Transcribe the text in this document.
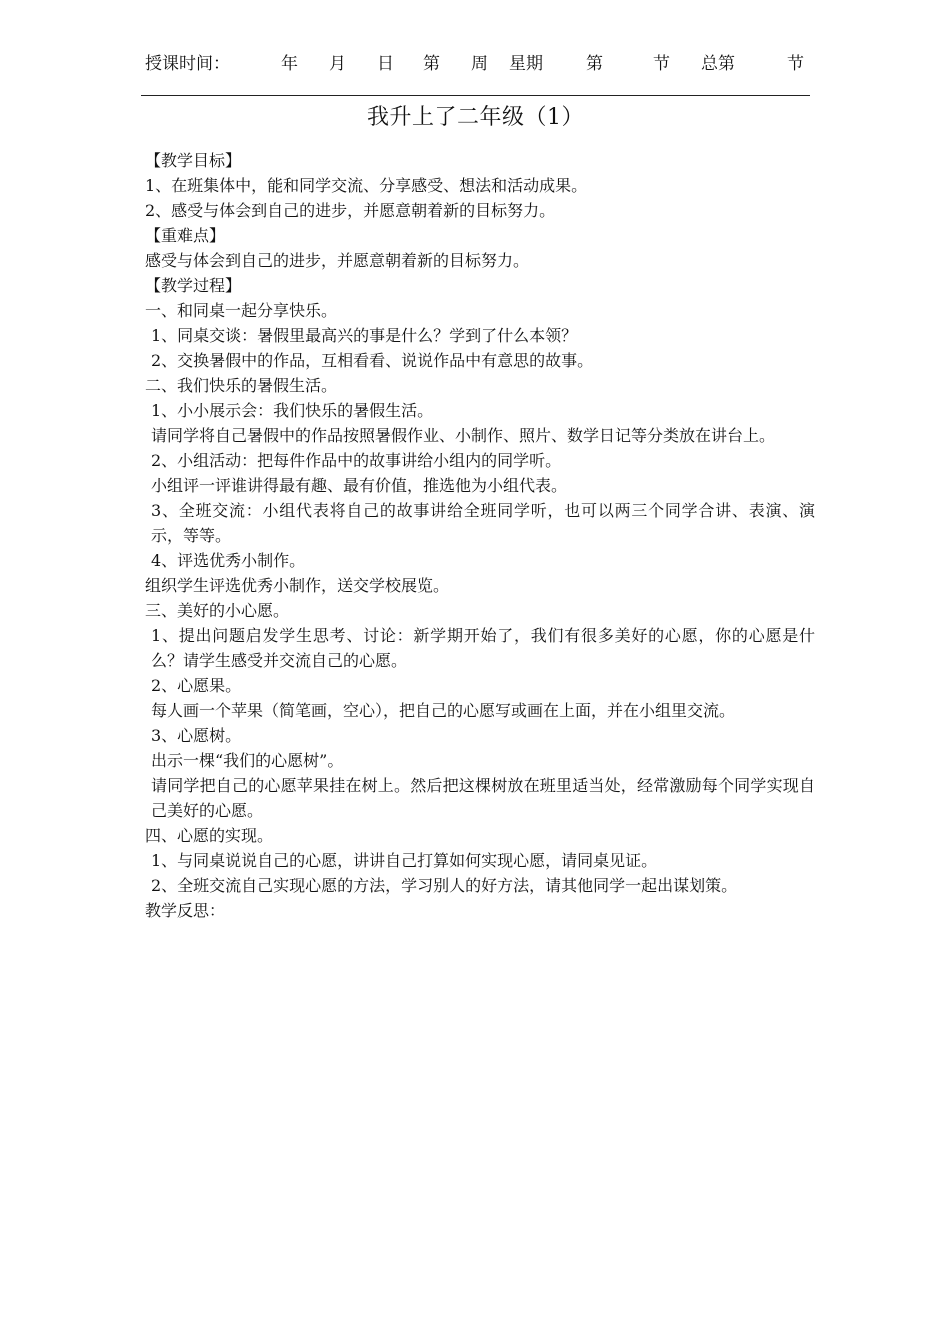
授课时间：	年 月 日 第 周 星期	第	节 总第	节
我升上了二年级（1）
【教学目标】
1、在班集体中，能和同学交流、分享感受、想法和活动成果。
2、感受与体会到自己的进步，并愿意朝着新的目标努力。
【重难点】
感受与体会到自己的进步，并愿意朝着新的目标努力。
【教学过程】
一、和同桌一起分享快乐。
1、同桌交谈：暑假里最高兴的事是什么？学到了什么本领？
2、交换暑假中的作品，互相看看、说说作品中有意思的故事。
二、我们快乐的暑假生活。
1、小小展示会：我们快乐的暑假生活。
请同学将自己暑假中的作品按照暑假作业、小制作、照片、数学日记等分类放在讲台上。
2、小组活动：把每件作品中的故事讲给小组内的同学听。
小组评一评谁讲得最有趣、最有价值，推选他为小组代表。
3、全班交流：小组代表将自己的故事讲给全班同学听，也可以两三个同学合讲、表演、演示，等等。
4、评选优秀小制作。
组织学生评选优秀小制作，送交学校展览。
三、美好的小心愿。
1、提出问题启发学生思考、讨论：新学期开始了，我们有很多美好的心愿，你的心愿是什么？请学生感受并交流自己的心愿。
2、心愿果。
每人画一个苹果（简笔画，空心），把自己的心愿写或画在上面，并在小组里交流。
3、心愿树。
出示一棵“我们的心愿树”。
请同学把自己的心愿苹果挂在树上。然后把这棵树放在班里适当处，经常激励每个同学实现自己美好的心愿。
四、心愿的实现。
1、与同桌说说自己的心愿，讲讲自己打算如何实现心愿，请同桌见证。
2、全班交流自己实现心愿的方法，学习别人的好方法，请其他同学一起出谋划策。
教学反思：
